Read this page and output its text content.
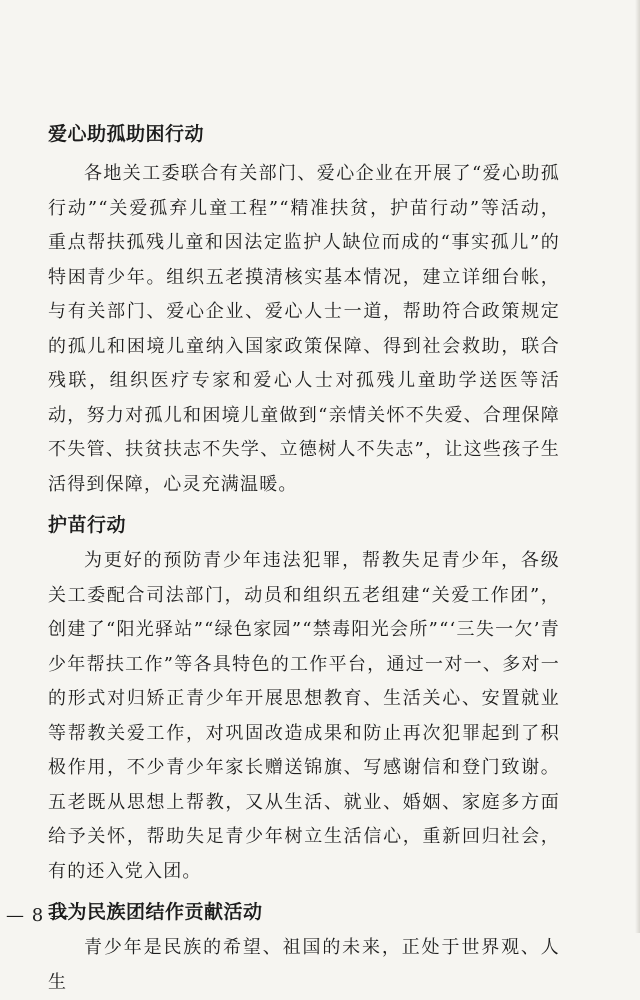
爱心助孤助困行动

各地关工委联合有关部门、爱心企业在开展了“爱心助孤行动”“关爱孤弃儿童工程”“精准扶贫，护苗行动”等活动，重点帮扶孤残儿童和因法定监护人缺位而成的“事实孤儿”的特困青少年。组织五老摸清核实基本情况，建立详细台帐，与有关部门、爱心企业、爱心人士一道，帮助符合政策规定的孤儿和困境儿童纳入国家政策保障、得到社会救助，联合残联，组织医疗专家和爱心人士对孤残儿童助学送医等活动，努力对孤儿和困境儿童做到“亲情关怀不失爱、合理保障不失管、扶贫扶志不失学、立德树人不失志”，让这些孩子生活得到保障，心灵充满温暖。

护苗行动

为更好的预防青少年违法犯罪，帮教失足青少年，各级关工委配合司法部门，动员和组织五老组建“关爱工作团”，创建了“阳光驿站”“绿色家园”“禁毒阳光会所”“‘三失一欠’青少年帮扶工作”等各具特色的工作平台，通过一对一、多对一的形式对归矫正青少年开展思想教育、生活关心、安置就业等帮教关爱工作，对巩固改造成果和防止再次犯罪起到了积极作用，不少青少年家长赠送锦旗、写感谢信和登门致谢。五老既从思想上帮教，又从生活、就业、婚姻、家庭多方面给予关怀，帮助失足青少年树立生活信心，重新回归社会，有的还入党入团。

我为民族团结作贡献活动

青少年是民族的希望、祖国的未来，正处于世界观、人生

— 8 —
